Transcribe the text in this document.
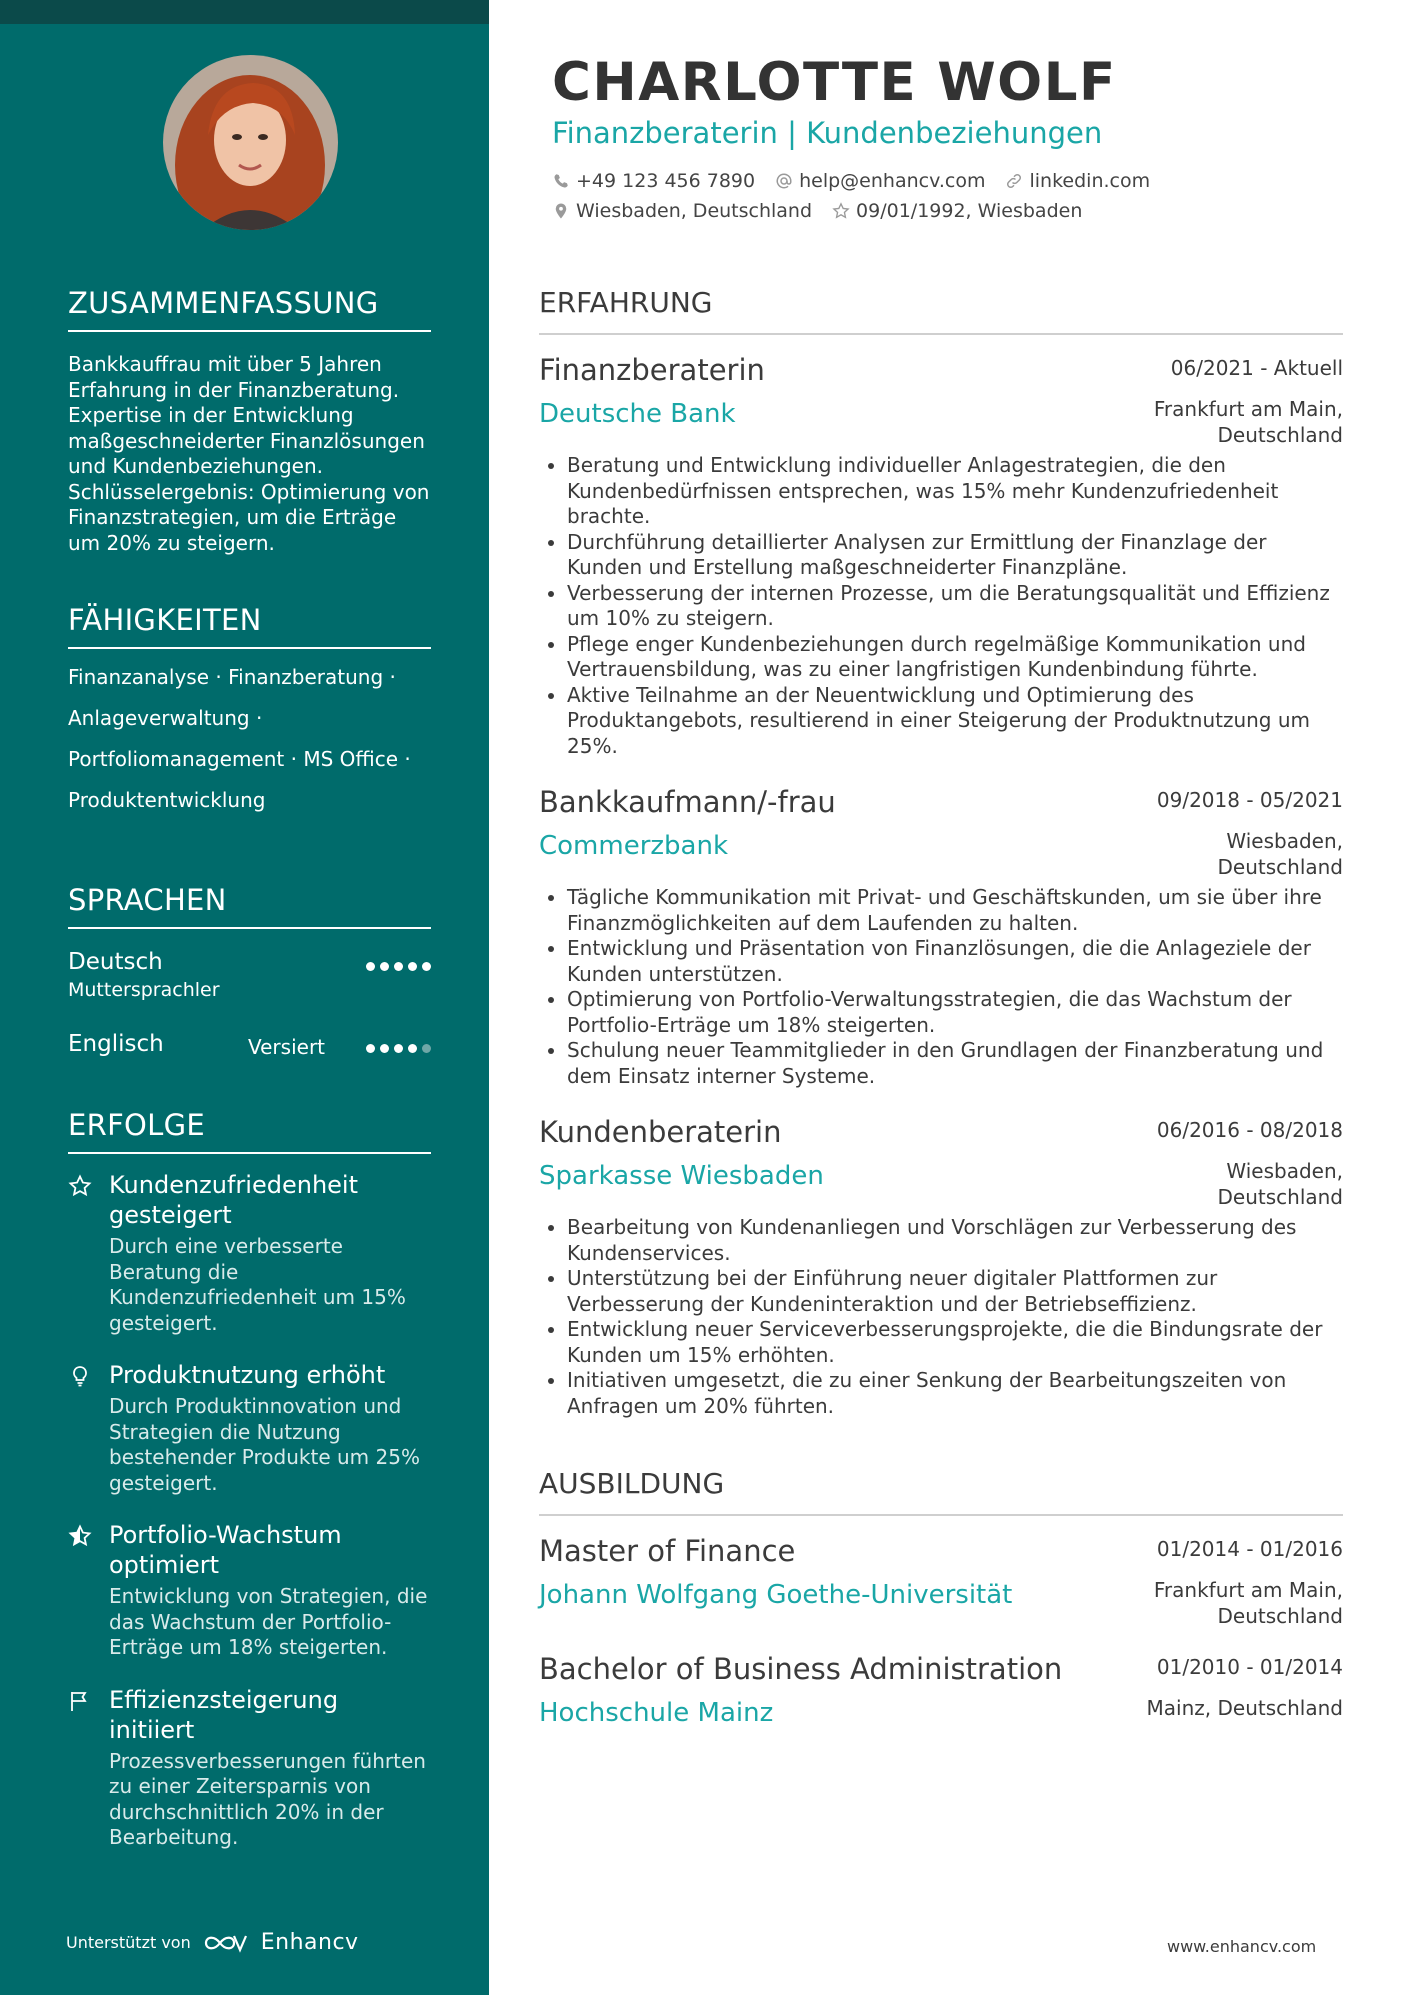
ZUSAMMENFASSUNG
Bankkauffrau mit über 5 Jahren Erfahrung in der Finanzberatung. Expertise in der Entwicklung maßgeschneiderter Finanzlösungen und Kundenbeziehungen. Schlüsselergebnis: Optimierung von Finanzstrategien, um die Erträge um 20% zu steigern.
FÄHIGKEITEN
Finanzanalyse · Finanzberatung ·
Anlageverwaltung ·
Portfoliomanagement · MS Office ·
Produktentwicklung
SPRACHEN
Deutsch
Muttersprachler
Englisch	Versiert
ERFOLGE
Kundenzufriedenheit gesteigert
Durch eine verbesserte Beratung die Kundenzufriedenheit um 15% gesteigert.
Produktnutzung erhöht
Durch Produktinnovation und Strategien die Nutzung bestehender Produkte um 25% gesteigert.
Portfolio-Wachstum optimiert
Entwicklung von Strategien, die das Wachstum der Portfolio-Erträge um 18% steigerten.
Effizienzsteigerung initiiert
Prozessverbesserungen führten zu einer Zeitersparnis von durchschnittlich 20% in der Bearbeitung.
Unterstützt von	Enhancv
CHARLOTTE WOLF
Finanzberaterin | Kundenbeziehungen
+49 123 456 7890 help@enhancv.com linkedin.com
Wiesbaden, Deutschland 09/01/1992, Wiesbaden
ERFAHRUNG
Finanzberaterin	06/2021 - Aktuell
Deutsche Bank	Frankfurt am Main,
Deutschland
• Beratung und Entwicklung individueller Anlagestrategien, die den Kundenbedürfnissen entsprechen, was 15% mehr Kundenzufriedenheit brachte.
• Durchführung detaillierter Analysen zur Ermittlung der Finanzlage der Kunden und Erstellung maßgeschneiderter Finanzpläne.
• Verbesserung der internen Prozesse, um die Beratungsqualität und Effizienz um 10% zu steigern.
• Pflege enger Kundenbeziehungen durch regelmäßige Kommunikation und Vertrauensbildung, was zu einer langfristigen Kundenbindung führte.
• Aktive Teilnahme an der Neuentwicklung und Optimierung des Produktangebots, resultierend in einer Steigerung der Produktnutzung um 25%.
Bankkaufmann/-frau	09/2018 - 05/2021
Commerzbank	Wiesbaden,
Deutschland
• Tägliche Kommunikation mit Privat- und Geschäftskunden, um sie über ihre Finanzmöglichkeiten auf dem Laufenden zu halten.
• Entwicklung und Präsentation von Finanzlösungen, die die Anlageziele der Kunden unterstützen.
• Optimierung von Portfolio-Verwaltungsstrategien, die das Wachstum der Portfolio-Erträge um 18% steigerten.
• Schulung neuer Teammitglieder in den Grundlagen der Finanzberatung und dem Einsatz interner Systeme.
Kundenberaterin	06/2016 - 08/2018
Sparkasse Wiesbaden	Wiesbaden,
Deutschland
• Bearbeitung von Kundenanliegen und Vorschlägen zur Verbesserung des Kundenservices.
• Unterstützung bei der Einführung neuer digitaler Plattformen zur Verbesserung der Kundeninteraktion und der Betriebseffizienz.
• Entwicklung neuer Serviceverbesserungsprojekte, die die Bindungsrate der Kunden um 15% erhöhten.
• Initiativen umgesetzt, die zu einer Senkung der Bearbeitungszeiten von Anfragen um 20% führten.
AUSBILDUNG
Master of Finance	01/2014 - 01/2016
Johann Wolfgang Goethe-Universität	Frankfurt am Main,
Deutschland
Bachelor of Business Administration	01/2010 - 01/2014
Hochschule Mainz	Mainz, Deutschland
www.enhancv.com
